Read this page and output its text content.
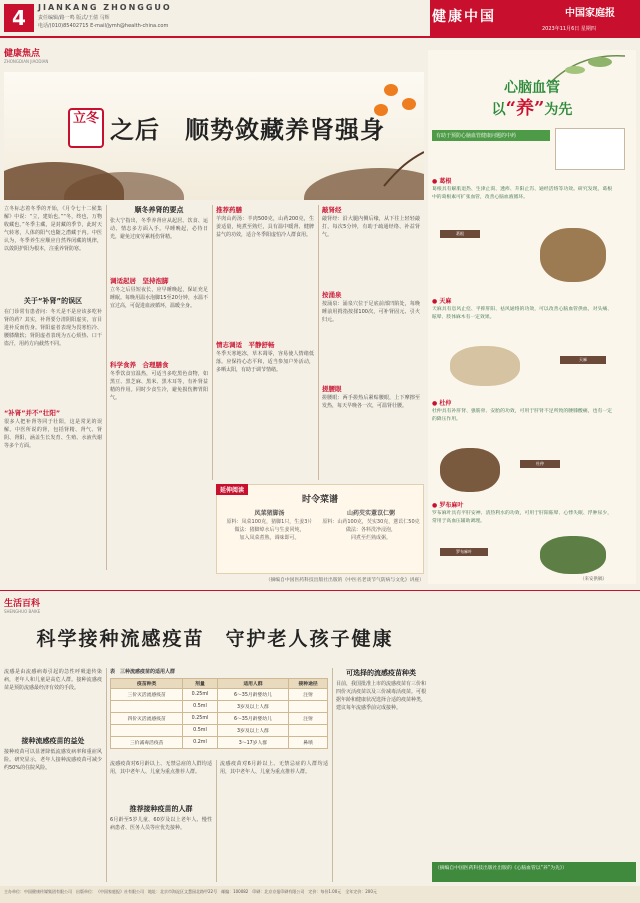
4	JIANKANG ZHONGGUO
责任编辑/路一鸣 版式/王倩 马辉
电话/(010)85402715 E-mail/jymh@health-china.com
健康中国	中国家庭报
2023年11月6日 星期四
健康焦点
ZHONGDIAN JIAODIAN
立冬 之后　顺势敛藏养肾强身
立冬标志着冬季的开始，《月令七十二候集解》中说：“立，建始也。”“冬，终也，万物收藏也。”冬季主藏，是封藏的季节，此时天气转寒，人体的阳气也随之潜藏于内。中医认为，冬季养生应顺应自然界闭藏的规律，以敛阴护阳为根本，注重养肾防寒。
关于“补肾”的误区
在门诊常有患者问：冬天是不是应该多吃补肾的药？其实，补肾要分清阴阳虚实，盲目进补反而伤身。肾阳虚者表现为畏寒怕冷、腰膝酸软；肾阴虚者表现为五心烦热、口干盗汗，用药方向截然不同。
“补肾”并不“壮阳”
很多人把补肾等同于壮阳，这是常见的误解。中医所说的肾，包括肾精、肾气、肾阴、肾阳，涵盖生长发育、生殖、水液代谢等多个方面。
顺冬养肾的要点
张大宁指出，冬季养肾应从起居、饮食、运动、情志多方面入手。早睡晚起，必待日光，避免过度劳累耗伤肾精。
调适起居　坚持泡脚
立冬之后昼短夜长，应早睡晚起，保证充足睡眠。每晚用温水泡脚15至20分钟，水温不宜过高，可促进血液循环，温暖全身。
科学食养　合理膳食
冬季饮食宜温热，可适当多吃黑色食物，如黑豆、黑芝麻、黑米、黑木耳等，有补肾益精的作用。同时少食生冷，避免损伤脾胃阳气。
推荐药膳
羊肉山药汤：羊肉500克，山药200克，生姜适量，炖煮至熟烂，具有温中暖肾、健脾益气的功效，适合冬季阳虚怕冷人群食用。
情志调适　平静舒畅
冬季天寒地冻，草木凋零，容易使人情绪低落。应保持心态平和，适当参加户外活动，多晒太阳，有助于调节情绪。
敲肾经
敲肾经：沿大腿内侧后缘，从下往上轻轻敲打，每次5分钟，有助于疏通经络、补益肾气。
按涌泉
按涌泉：涌泉穴位于足底前部凹陷处，每晚睡前用拇指按揉100次，可补肾固元、引火归元。
搓腰眼
搓腰眼：两手搓热后紧贴腰眼，上下摩擦至发热，每天早晚各一次，可温肾壮腰。
延伸阅读
时令菜谱
凤菜猪脚汤
原料：凤菜100克，猪脚1只，生姜3片
做法：猪脚焯水后与生姜同炖，
加入凤菜煮熟，调味即可。
山药芡实薏苡仁粥
原料：山药100克，芡实30克，薏苡仁50克
做法：各料洗净浸泡，
同煮至烂熟成粥。
（摘编自中国医药科技出版社出版的《中医名老谈节气防病与文化》讲座）
心脑血管
以“养”为先
有助于预防心脑血管健康问题的中药
● 葛根
葛根具有解肌退热、生津止渴、透疹、升阳止泻、通经活络等功效。研究发现，葛根中的葛根素可扩张血管，改善心脑血液循环。
葛根
● 天麻
天麻具有息风止痉、平抑肝阳、祛风通络的功效，可以改善心脑血管供血，对头痛、眩晕、肢体麻木有一定效果。
天麻
● 杜仲
杜仲具有补肝肾、强筋骨、安胎的功效，可用于肝肾不足所致的腰膝酸痛，也有一定的降压作用。
杜仲
● 罗布麻叶
罗布麻叶具有平肝安神、清热利水的功效，可用于肝阳眩晕、心悸失眠、浮肿尿少，常用于高血压辅助调理。
罗布麻叶
（来安供稿）
生活百科
SHENGHUO BAIKE
科学接种流感疫苗　守护老人孩子健康
流感是由流感病毒引起的急性呼吸道传染病，老年人和儿童是高危人群。接种流感疫苗是预防流感最经济有效的手段。
接种流感疫苗的益处
接种疫苗可以显著降低流感发病率和重症风险。研究显示，老年人接种流感疫苗可减少约50%的住院风险。
表　三种流感疫苗的适用人群
疫苗种类	剂量	适用人群	接种途径
三价灭活流感疫苗	0.25ml	6～35月龄婴幼儿	注射
	0.5ml	3岁及以上人群	
四价灭活流感疫苗	0.25ml	6～35月龄婴幼儿	注射
	0.5ml	3岁及以上人群	
三价减毒活疫苗	0.2ml	3～17岁人群	鼻喷
流感疫苗对6月龄以上、无禁忌症的人群均适用，其中老年人、儿童为重点推荐人群。
推荐接种疫苗的人群
6月龄至5岁儿童、60岁及以上老年人、慢性病患者、医务人员等应优先接种。
流感疫苗对6月龄以上、无禁忌症的人群均适用，其中老年人、儿童为重点推荐人群。
可选择的流感疫苗种类
目前，我国批准上市的流感疫苗有三价和四价灭活疫苗以及三价减毒活疫苗。可根据年龄和健康状况选择合适的疫苗种类，建议每年流感季前完成接种。
（摘编自中国医药科技出版社出版的《心脑血管以“养”为先》）
主办单位：中国健康传媒集团有限公司　出版单位：《中国家庭报》社有限公司　地址：北京市海淀区文慧园北路甲22号　邮编：100082　印刷：北京京报印刷有限公司　定价：每份1.00元　全年定价：200元
